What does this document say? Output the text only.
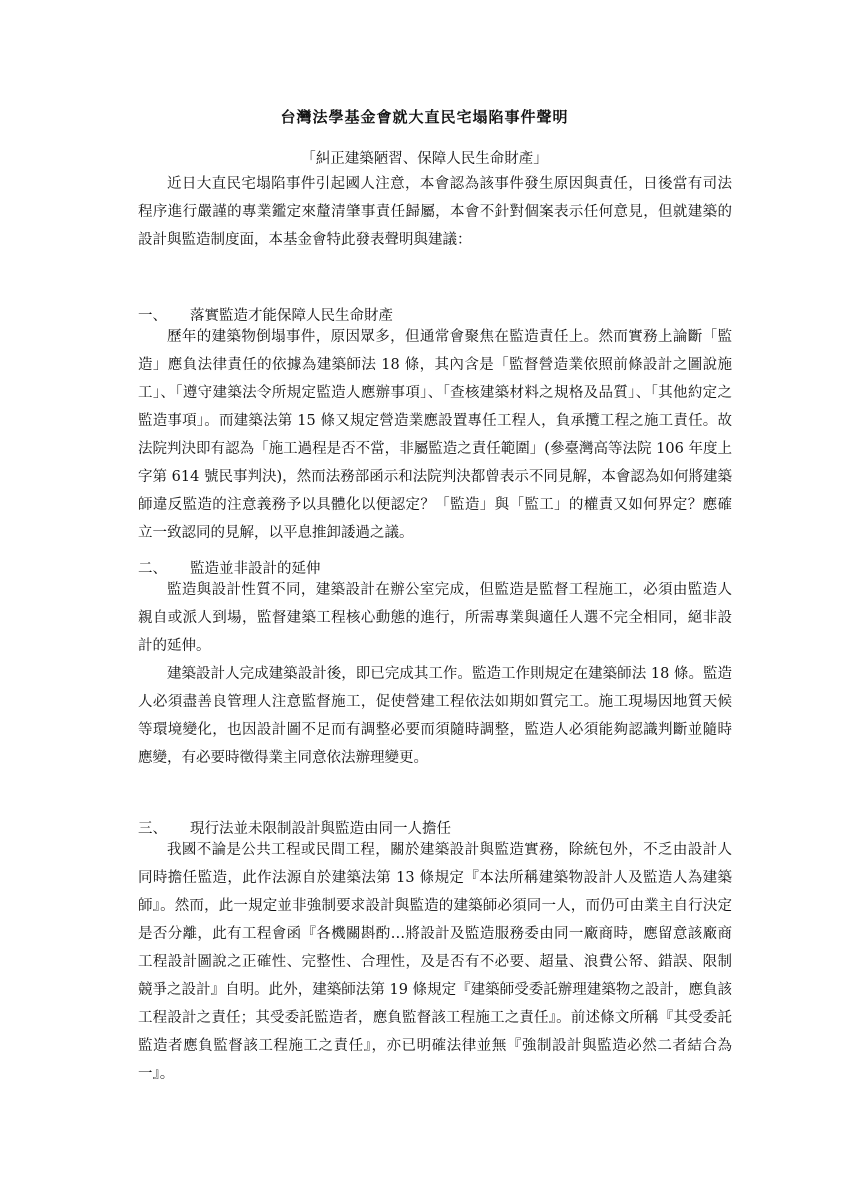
台灣法學基金會就大直民宅塌陷事件聲明
「糾正建築陋習、保障人民生命財產」

近日大直民宅塌陷事件引起國人注意，本會認為該事件發生原因與責任，日後當有司法程序進行嚴謹的專業鑑定來釐清肇事責任歸屬，本會不針對個案表示任何意見，但就建築的設計與監造制度面，本基金會特此發表聲明與建議：

一、 落實監造才能保障人民生命財產

歷年的建築物倒塌事件，原因眾多，但通常會聚焦在監造責任上。然而實務上論斷「監造」應負法律責任的依據為建築師法 18 條，其內含是「監督營造業依照前條設計之圖說施工」、「遵守建築法令所規定監造人應辦事項」、「查核建築材料之規格及品質」、「其他約定之監造事項」。而建築法第 15 條又規定營造業應設置專任工程人，負承攬工程之施工責任。故法院判決即有認為「施工過程是否不當，非屬監造之責任範圍」(參臺灣高等法院 106 年度上字第 614 號民事判決)，然而法務部函示和法院判決都曾表示不同見解，本會認為如何將建築師違反監造的注意義務予以具體化以便認定？「監造」與「監工」的權責又如何界定？應確立一致認同的見解，以平息推卸諉過之議。

二、 監造並非設計的延伸

監造與設計性質不同，建築設計在辦公室完成，但監造是監督工程施工，必須由監造人親自或派人到場，監督建築工程核心動態的進行，所需專業與適任人選不完全相同，絕非設計的延伸。

建築設計人完成建築設計後，即已完成其工作。監造工作則規定在建築師法 18 條。監造人必須盡善良管理人注意監督施工，促使營建工程依法如期如質完工。施工現場因地質天候等環境變化，也因設計圖不足而有調整必要而須隨時調整，監造人必須能夠認識判斷並隨時應變，有必要時徵得業主同意依法辦理變更。

三、 現行法並未限制設計與監造由同一人擔任

我國不論是公共工程或民間工程，關於建築設計與監造實務，除統包外，不乏由設計人同時擔任監造，此作法源自於建築法第 13 條規定『本法所稱建築物設計人及監造人為建築師』。然而，此一規定並非強制要求設計與監造的建築師必須同一人，而仍可由業主自行決定是否分離，此有工程會函『各機關斟酌…將設計及監造服務委由同一廠商時，應留意該廠商工程設計圖說之正確性、完整性、合理性，及是否有不必要、超量、浪費公帑、錯誤、限制競爭之設計』自明。此外，建築師法第 19 條規定『建築師受委託辦理建築物之設計，應負該工程設計之責任；其受委託監造者，應負監督該工程施工之責任』。前述條文所稱『其受委託監造者應負監督該工程施工之責任』，亦已明確法律並無『強制設計與監造必然二者結合為一』。
